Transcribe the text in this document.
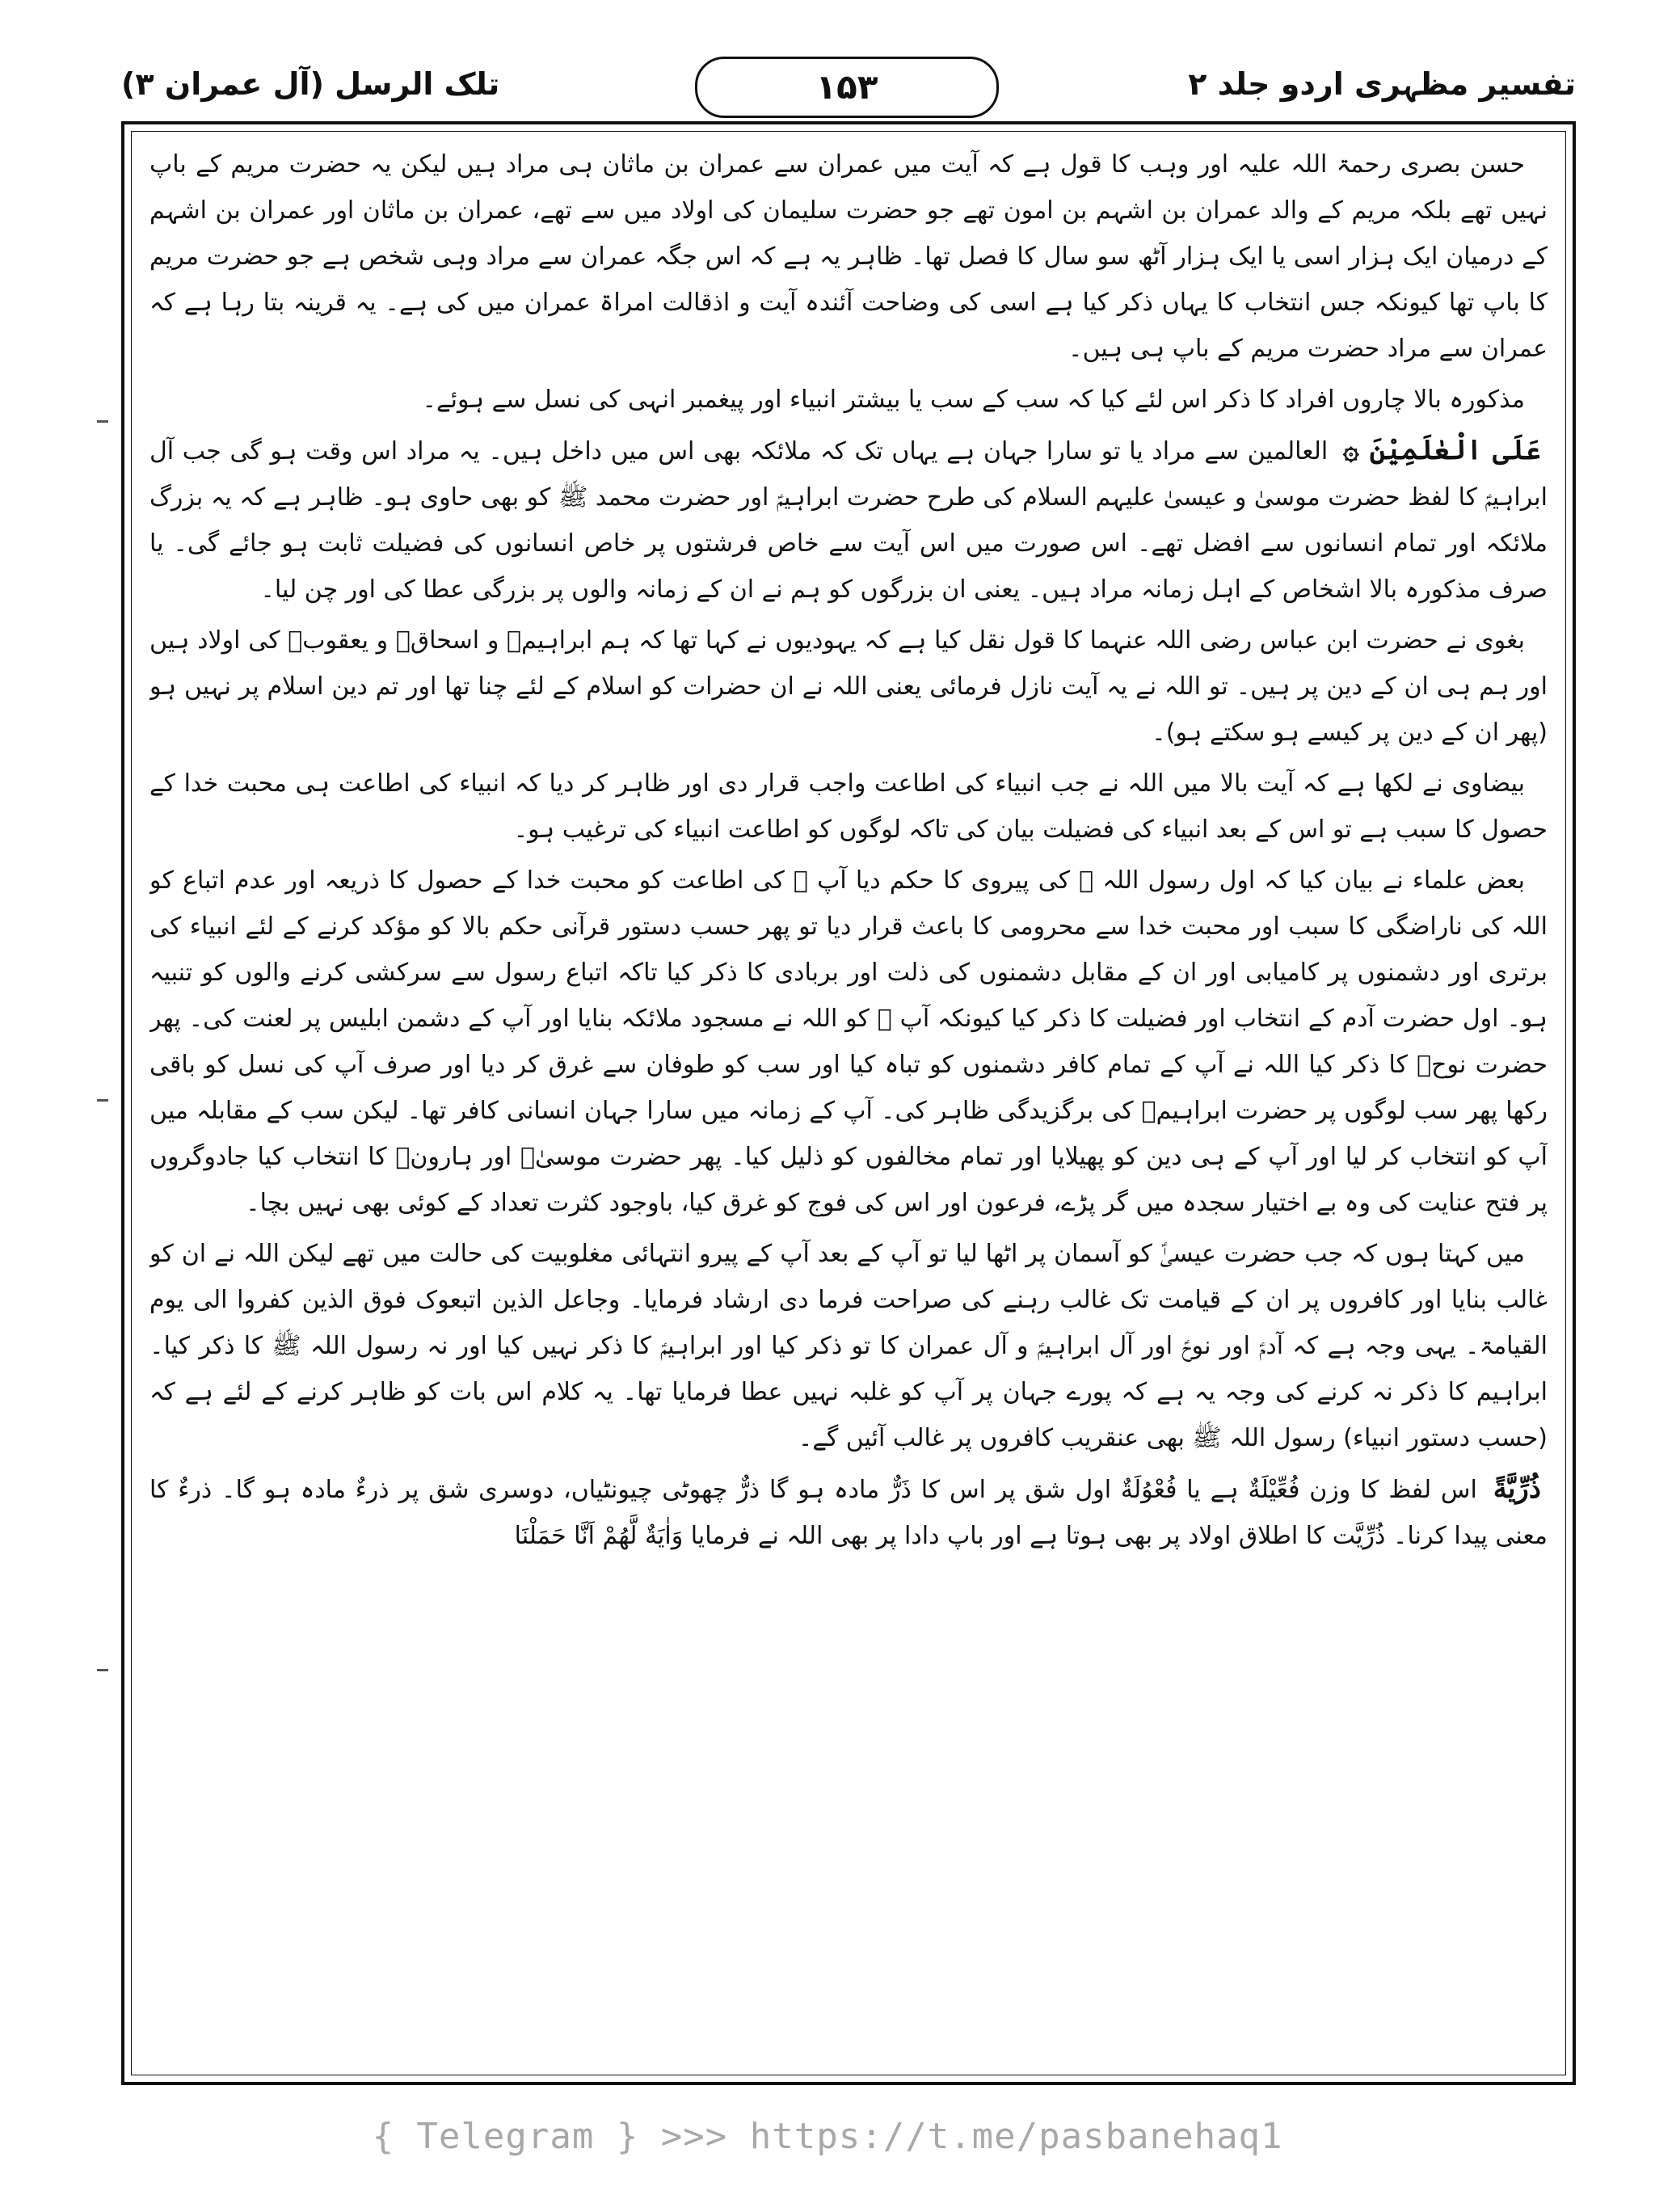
تفسیر مظہری اردو جلد ۲
۱۵۳
تلک الرسل (آل عمران ۳)

حسن بصری رحمۃ اللہ علیہ اور وہب کا قول ہے کہ آیت میں عمران سے عمران بن ماثان ہی مراد ہیں لیکن یہ حضرت مریم کے باپ نہیں تھے بلکہ مریم کے والد عمران بن اشہم بن امون تھے جو حضرت سلیمان کی اولاد میں سے تھے، عمران بن ماثان اور عمران بن اشہم کے درمیان ایک ہزار اسی یا ایک ہزار آٹھ سو سال کا فصل تھا۔ ظاہر یہ ہے کہ اس جگہ عمران سے مراد وہی شخص ہے جو حضرت مریم کا باپ تھا کیونکہ جس انتخاب کا یہاں ذکر کیا ہے اسی کی وضاحت آئندہ آیت و اذقالت امراۃ عمران میں کی ہے۔ یہ قرینہ بتا رہا ہے کہ عمران سے مراد حضرت مریم کے باپ ہی ہیں۔

مذکورہ بالا چاروں افراد کا ذکر اس لئے کیا کہ سب کے سب یا بیشتر انبیاء اور پیغمبر انہی کی نسل سے ہوئے۔

عَلَى الْعٰلَمِيْنَ ۞ العالمین سے مراد یا تو سارا جہان ہے یہاں تک کہ ملائکہ بھی اس میں داخل ہیں۔ یہ مراد اس وقت ہو گی جب آل ابراہیمؑ کا لفظ حضرت موسیٰ و عیسیٰ علیہم السلام کی طرح حضرت ابراہیمؑ اور حضرت محمد ﷺ کو بھی حاوی ہو۔ ظاہر ہے کہ یہ بزرگ ملائکہ اور تمام انسانوں سے افضل تھے۔ اس صورت میں اس آیت سے خاص فرشتوں پر خاص انسانوں کی فضیلت ثابت ہو جائے گی۔ یا صرف مذکورہ بالا اشخاص کے اہل زمانہ مراد ہیں۔ یعنی ان بزرگوں کو ہم نے ان کے زمانہ والوں پر بزرگی عطا کی اور چن لیا۔

بغوی نے حضرت ابن عباس رضی اللہ عنہما کا قول نقل کیا ہے کہ یہودیوں نے کہا تھا کہ ہم ابراہیمؑ و اسحاقؑ و یعقوبؑ کی اولاد ہیں اور ہم ہی ان کے دین پر ہیں۔ تو اللہ نے یہ آیت نازل فرمائی یعنی اللہ نے ان حضرات کو اسلام کے لئے چنا تھا اور تم دین اسلام پر نہیں ہو (پھر ان کے دین پر کیسے ہو سکتے ہو)۔

بیضاوی نے لکھا ہے کہ آیت بالا میں اللہ نے جب انبیاء کی اطاعت واجب قرار دی اور ظاہر کر دیا کہ انبیاء کی اطاعت ہی محبت خدا کے حصول کا سبب ہے تو اس کے بعد انبیاء کی فضیلت بیان کی تاکہ لوگوں کو اطاعت انبیاء کی ترغیب ہو۔

بعض علماء نے بیان کیا کہ اول رسول اللہ ﷺ کی پیروی کا حکم دیا آپ ﷺ کی اطاعت کو محبت خدا کے حصول کا ذریعہ اور عدم اتباع کو اللہ کی ناراضگی کا سبب اور محبت خدا سے محرومی کا باعث قرار دیا تو پھر حسب دستور قرآنی حکم بالا کو مؤکد کرنے کے لئے انبیاء کی برتری اور دشمنوں پر کامیابی اور ان کے مقابل دشمنوں کی ذلت اور بربادی کا ذکر کیا تاکہ اتباع رسول سے سرکشی کرنے والوں کو تنبیہ ہو۔ اول حضرت آدم کے انتخاب اور فضیلت کا ذکر کیا کیونکہ آپ ﷺ کو اللہ نے مسجود ملائکہ بنایا اور آپ کے دشمن ابلیس پر لعنت کی۔ پھر حضرت نوحؑ کا ذکر کیا اللہ نے آپ کے تمام کافر دشمنوں کو تباہ کیا اور سب کو طوفان سے غرق کر دیا اور صرف آپ کی نسل کو باقی رکھا پھر سب لوگوں پر حضرت ابراہیمؑ کی برگزیدگی ظاہر کی۔ آپ کے زمانہ میں سارا جہان انسانی کافر تھا۔ لیکن سب کے مقابلہ میں آپ کو انتخاب کر لیا اور آپ کے ہی دین کو پھیلایا اور تمام مخالفوں کو ذلیل کیا۔ پھر حضرت موسیٰؑ اور ہارونؑ کا انتخاب کیا جادوگروں پر فتح عنایت کی وہ بے اختیار سجدہ میں گر پڑے، فرعون اور اس کی فوج کو غرق کیا، باوجود کثرت تعداد کے کوئی بھی نہیں بچا۔

میں کہتا ہوں کہ جب حضرت عیسیٰؑ کو آسمان پر اٹھا لیا تو آپ کے بعد آپ کے پیرو انتہائی مغلوبیت کی حالت میں تھے لیکن اللہ نے ان کو غالب بنایا اور کافروں پر ان کے قیامت تک غالب رہنے کی صراحت فرما دی ارشاد فرمایا۔ وجاعل الذین اتبعوک فوق الذین کفروا الی یوم القیامۃ۔ یہی وجہ ہے کہ آدمؑ اور نوحؑ اور آل ابراہیمؑ و آل عمران کا تو ذکر کیا اور ابراہیمؑ کا ذکر نہیں کیا اور نہ رسول اللہ ﷺ کا ذکر کیا۔ ابراہیم کا ذکر نہ کرنے کی وجہ یہ ہے کہ پورے جہان پر آپ کو غلبہ نہیں عطا فرمایا تھا۔ یہ کلام اس بات کو ظاہر کرنے کے لئے ہے کہ (حسب دستور انبیاء) رسول اللہ ﷺ بھی عنقریب کافروں پر غالب آئیں گے۔

ذُرِّيَّةً اس لفظ کا وزن فُعِّيْلَةٌ ہے یا فُعْوُلَةٌ اول شق پر اس کا ذَرٌّ مادہ ہو گا ذرٌّ چھوٹی چیونٹیاں، دوسری شق پر ذرءٌ مادہ ہو گا۔ ذرءٌ کا معنی پیدا کرنا۔ ذُرِّيَّت کا اطلاق اولاد پر بھی ہوتا ہے اور باپ دادا پر بھی اللہ نے فرمایا وَاٰيَةٌ لَّهُمْ اَنَّا حَمَلْنَا

{ Telegram } >>> https://t.me/pasbanehaq1
